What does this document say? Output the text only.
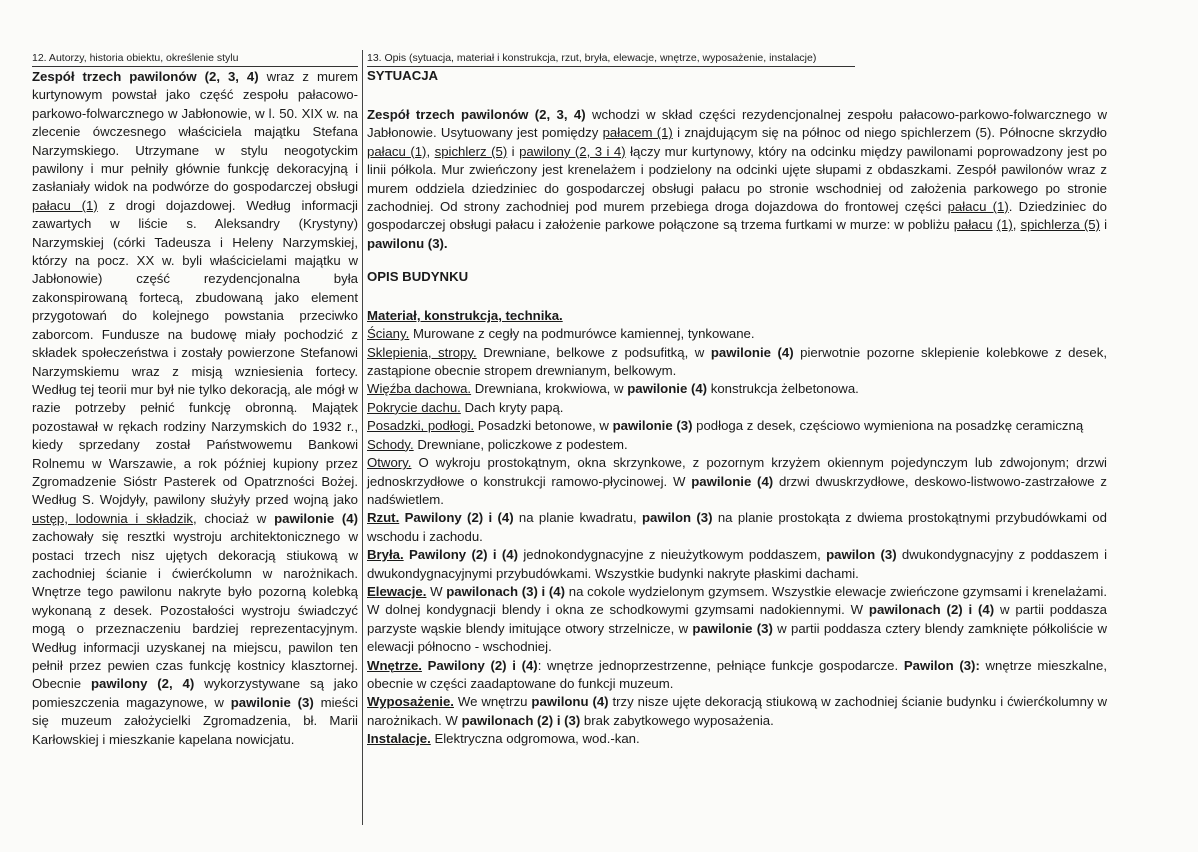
12. Autorzy, historia obiektu, określenie stylu

Zespół trzech pawilonów (2, 3, 4) wraz z murem kurtynowym powstał jako część zespołu pałacowo-parkowo-folwarcznego w Jabłonowie, w l. 50. XIX w. na zlecenie ówczesnego właściciela majątku Stefana Narzymskiego. Utrzymane w stylu neogotyckim pawilony i mur pełniły głównie funkcję dekoracyjną i zasłaniały widok na podwórze do gospodarczej obsługi pałacu (1) z drogi dojazdowej. Według informacji zawartych w liście s. Aleksandry (Krystyny) Narzymskiej (córki Tadeusza i Heleny Narzymskiej, którzy na pocz. XX w. byli właścicielami majątku w Jabłonowie) część rezydencjonalna była zakonspirowaną fortecą, zbudowaną jako element przygotowań do kolejnego powstania przeciwko zaborcom. Fundusze na budowę miały pochodzić z składek społeczeństwa i zostały powierzone Stefanowi Narzymskiemu wraz z misją wzniesienia fortecy. Według tej teorii mur był nie tylko dekoracją, ale mógł w razie potrzeby pełnić funkcję obronną. Majątek pozostawał w rękach rodziny Narzymskich do 1932 r., kiedy sprzedany został Państwowemu Bankowi Rolnemu w Warszawie, a rok później kupiony przez Zgromadzenie Sióstr Pasterek od Opatrzności Bożej. Według S. Wojdyły, pawilony służyły przed wojną jako ustęp, lodownia i składzik, chociaż w pawilonie (4) zachowały się resztki wystroju architektonicznego w postaci trzech nisz ujętych dekoracją stiukową w zachodniej ścianie i ćwierćkolumn w narożnikach. Wnętrze tego pawilonu nakryte było pozorną kolebką wykonaną z desek. Pozostałości wystroju świadczyć mogą o przeznaczeniu bardziej reprezentacyjnym. Według informacji uzyskanej na miejscu, pawilon ten pełnił przez pewien czas funkcję kostnicy klasztornej. Obecnie pawilony (2, 4) wykorzystywane są jako pomieszczenia magazynowe, w pawilonie (3) mieści się muzeum założycielki Zgromadzenia, bł. Marii Karłowskiej i mieszkanie kapelana nowicjatu.

13. Opis (sytuacja, materiał i konstrukcja, rzut, bryła, elewacje, wnętrze, wyposażenie, instalacje)
SYTUACJA

Zespół trzech pawilonów (2, 3, 4) wchodzi w skład części rezydencjonalnej zespołu pałacowo-parkowo-folwarcznego w Jabłonowie. Usytuowany jest pomiędzy pałacem (1) i znajdującym się na północ od niego spichlerzem (5). Północne skrzydło pałacu (1), spichlerz (5) i pawilony (2, 3 i 4) łączy mur kurtynowy, który na odcinku między pawilonami poprowadzony jest po linii półkola. Mur zwieńczony jest krenelażem i podzielony na odcinki ujęte słupami z obdaszkami. Zespół pawilonów wraz z murem oddziela dziedziniec do gospodarczej obsługi pałacu po stronie wschodniej od założenia parkowego po stronie zachodniej. Od strony zachodniej pod murem przebiega droga dojazdowa do frontowej części pałacu (1). Dziedziniec do gospodarczej obsługi pałacu i założenie parkowe połączone są trzema furtkami w murze: w pobliżu pałacu (1), spichlerza (5) i pawilonu (3).

OPIS BUDYNKU
Materiał, konstrukcja, technika.

Ściany. Murowane z cegły na podmurówce kamiennej, tynkowane.

Sklepienia, stropy. Drewniane, belkowe z podsufitką, w pawilonie (4) pierwotnie pozorne sklepienie kolebkowe z desek, zastąpione obecnie stropem drewnianym, belkowym.

Więźba dachowa. Drewniana, krokwiowa, w pawilonie (4) konstrukcja żelbetonowa.

Pokrycie dachu. Dach kryty papą.

Posadzki, podłogi. Posadzki betonowe, w pawilonie (3) podłoga z desek, częściowo wymieniona na posadzkę ceramiczną

Schody. Drewniane, policzkowe z podestem.

Otwory. O wykroju prostokątnym, okna skrzynkowe, z pozornym krzyżem okiennym pojedynczym lub zdwojonym; drzwi jednoskrzydłowe o konstrukcji ramowo-płycinowej. W pawilonie (4) drzwi dwuskrzydłowe, deskowo-listwowo-zastrzałowe z nadświetlem.

Rzut. Pawilony (2) i (4) na planie kwadratu, pawilon (3) na planie prostokąta z dwiema prostokątnymi przybudówkami od wschodu i zachodu.

Bryła. Pawilony (2) i (4) jednokondygnacyjne z nieużytkowym poddaszem, pawilon (3) dwukondygnacyjny z poddaszem i dwukondygnacyjnymi przybudówkami. Wszystkie budynki nakryte płaskimi dachami.

Elewacje. W pawilonach (3) i (4) na cokole wydzielonym gzymsem. Wszystkie elewacje zwieńczone gzymsami i krenelażami. W dolnej kondygnacji blendy i okna ze schodkowymi gzymsami nadokiennymi. W pawilonach (2) i (4) w partii poddasza parzyste wąskie blendy imitujące otwory strzelnicze, w pawilonie (3) w partii poddasza cztery blendy zamknięte półkoliście w elewacji północno - wschodniej.

Wnętrze. Pawilony (2) i (4): wnętrze jednoprzestrzenne, pełniące funkcje gospodarcze. Pawilon (3): wnętrze mieszkalne, obecnie w części zaadaptowane do funkcji muzeum.

Wyposażenie. We wnętrzu pawilonu (4) trzy nisze ujęte dekoracją stiukową w zachodniej ścianie budynku i ćwierćkolumny w narożnikach. W pawilonach (2) i (3) brak zabytkowego wyposażenia.

Instalacje. Elektryczna odgromowa, wod.-kan.
